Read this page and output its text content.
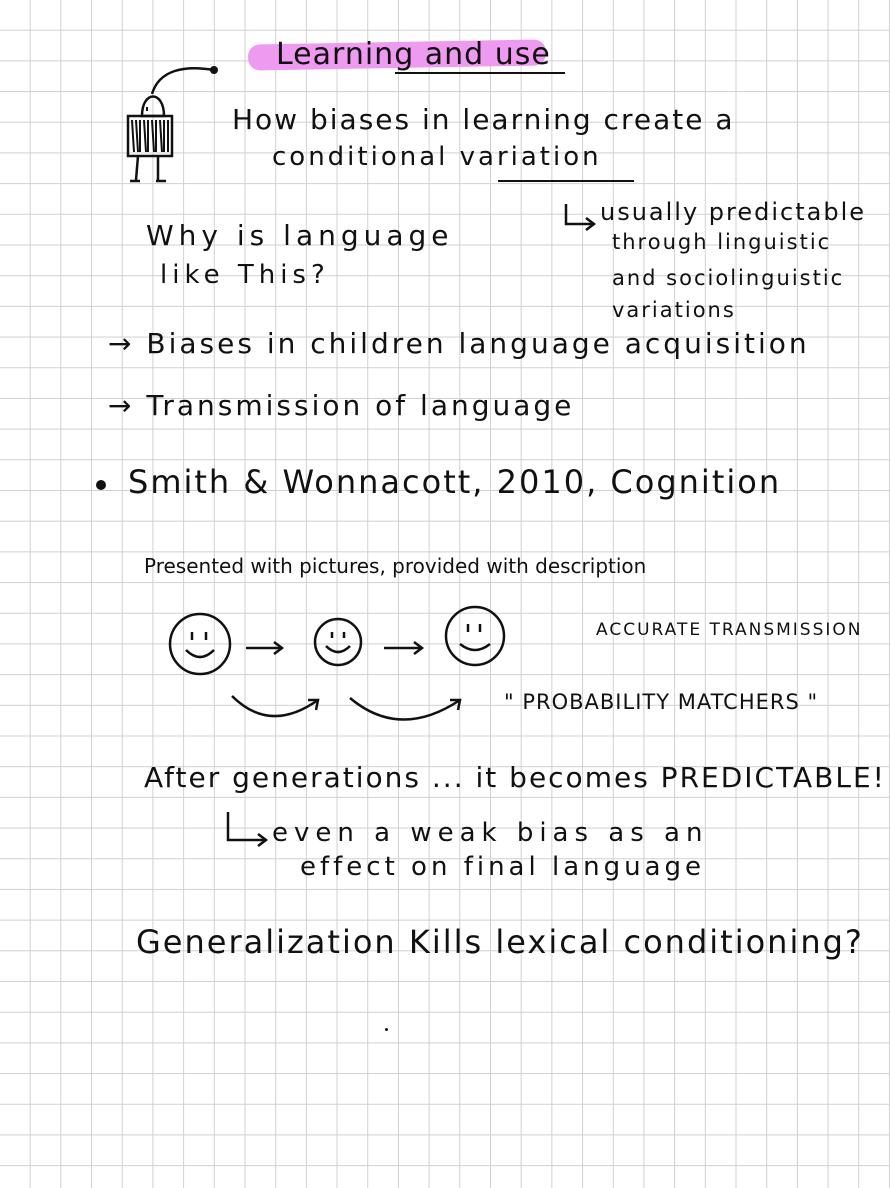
Learning and use
How biases in learning create a
conditional variation
Why is language
like This?
usually predictable
through linguistic
and sociolinguistic
variations
→ Biases in children language acquisition
→ Transmission of language
Smith & Wonnacott, 2010, Cognition
Presented with pictures, provided with description
ACCURATE TRANSMISSION
" PROBABILITY MATCHERS "
After generations ... it becomes PREDICTABLE!
even a weak bias as an
effect on final language
Generalization Kills lexical conditioning?
